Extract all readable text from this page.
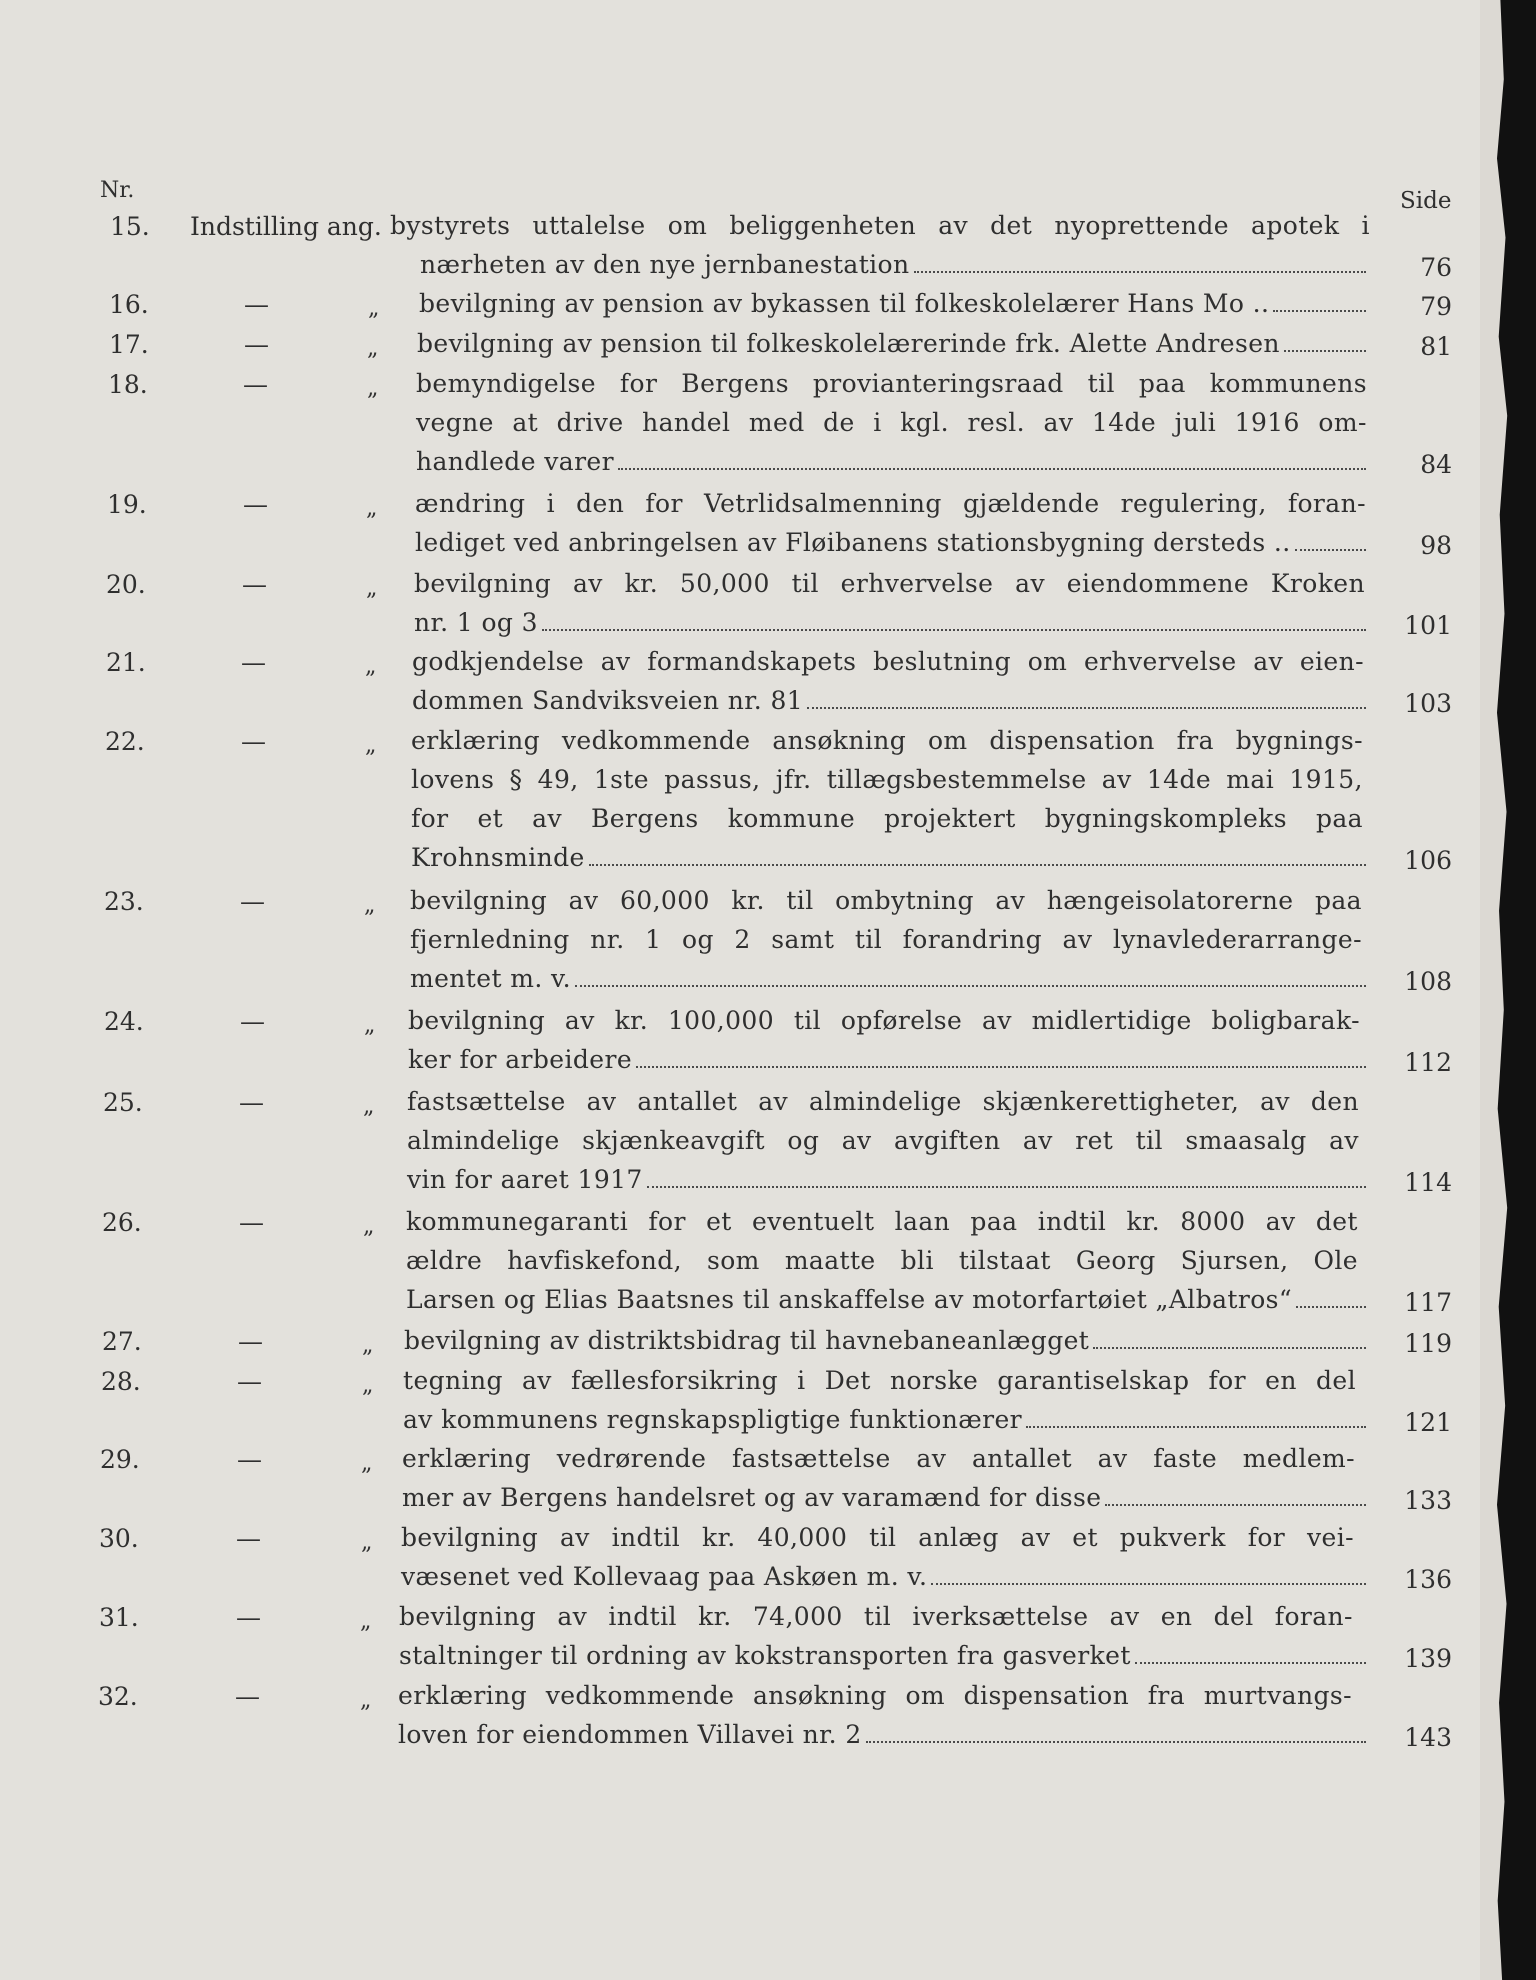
Nr.	Side
15. Indstilling ang. bystyrets uttalelse om beliggenheten av det nyoprettende apotek i
nærheten av den nye jernbanestation	76
16.	—	„ bevilgning av pension av bykassen til folkeskolelærer Hans Mo ..	79
17.	—	„ bevilgning av pension til folkeskolelærerinde frk. Alette Andresen	81
18.	—	„ bemyndigelse for Bergens provianteringsraad til paa kommunens
vegne at drive handel med de i kgl. resl. av 14de juli 1916 om-
handlede varer	84
19.	—	„ ændring i den for Vetrlidsalmenning gjældende regulering, foran-
lediget ved anbringelsen av Fløibanens stationsbygning dersteds ..	98
20.	—	„ bevilgning av kr. 50,000 til erhvervelse av eiendommene Kroken
nr. 1 og 3	101
21.	—	„ godkjendelse av formandskapets beslutning om erhvervelse av eien-
dommen Sandviksveien nr. 81	103
22.	—	„ erklæring vedkommende ansøkning om dispensation fra bygnings-
lovens § 49, 1ste passus, jfr. tillægsbestemmelse av 14de mai 1915,
for et av Bergens kommune projektert bygningskompleks paa
Krohnsminde	106
23.	—	„ bevilgning av 60,000 kr. til ombytning av hængeisolatorerne paa
fjernledning nr. 1 og 2 samt til forandring av lynavlederarrange-
mentet m. v.	108
24.	—	„ bevilgning av kr. 100,000 til opførelse av midlertidige boligbarak-
ker for arbeidere	112
25.	—	„ fastsættelse av antallet av almindelige skjænkerettigheter, av den
almindelige skjænkeavgift og av avgiften av ret til smaasalg av
vin for aaret 1917	114
26.	—	„ kommunegaranti for et eventuelt laan paa indtil kr. 8000 av det
ældre havfiskefond, som maatte bli tilstaat Georg Sjursen, Ole
Larsen og Elias Baatsnes til anskaffelse av motorfartøiet „Albatros“	117
27.	—	„ bevilgning av distriktsbidrag til havnebaneanlægget	119
28.	—	„ tegning av fællesforsikring i Det norske garantiselskap for en del
av kommunens regnskapspligtige funktionærer	121
29.	—	„ erklæring vedrørende fastsættelse av antallet av faste medlem-
mer av Bergens handelsret og av varamænd for disse	133
30.	—	„ bevilgning av indtil kr. 40,000 til anlæg av et pukverk for vei-
væsenet ved Kollevaag paa Askøen m. v.	136
31.	—	„ bevilgning av indtil kr. 74,000 til iverksættelse av en del foran-
staltninger til ordning av kokstransporten fra gasverket	139
32.	—	„ erklæring vedkommende ansøkning om dispensation fra murtvangs-
loven for eiendommen Villavei nr. 2	143
